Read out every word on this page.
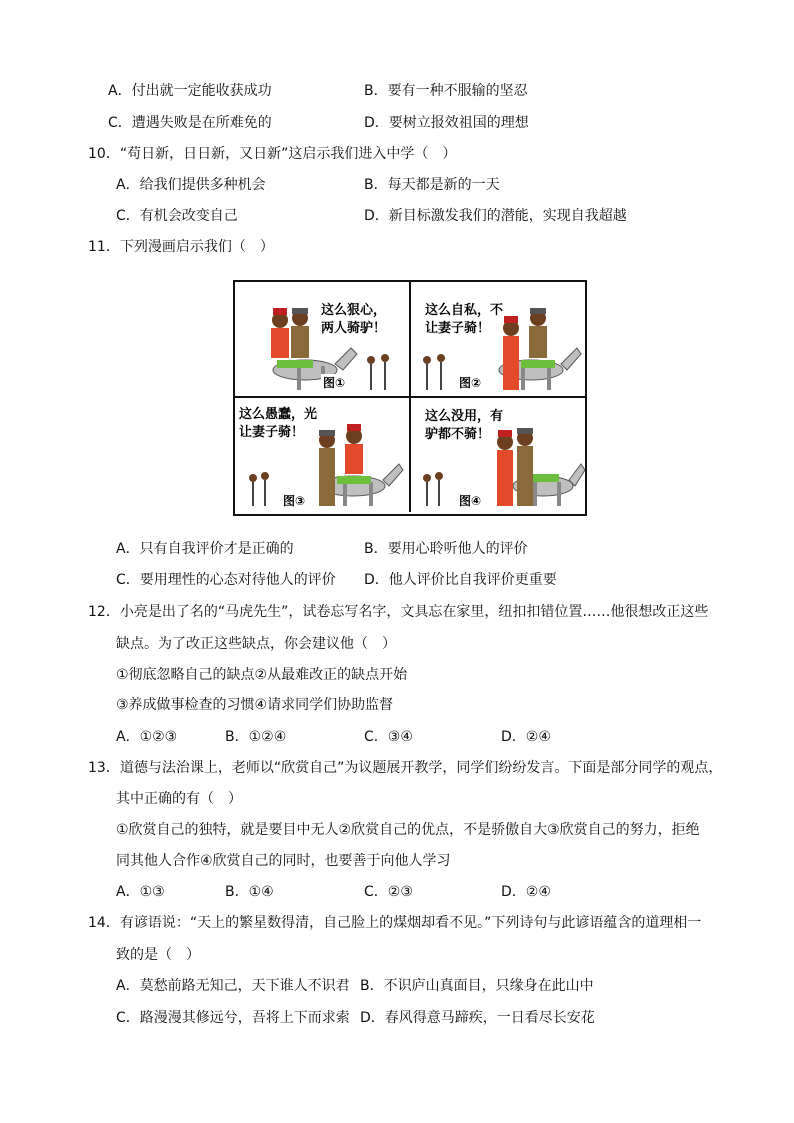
A．付出就一定能收获成功	B．要有一种不服输的坚忍
C．遭遇失败是在所难免的	D．要树立报效祖国的理想
10．“苟日新，日日新，又日新”这启示我们进入中学（　）
A．给我们提供多种机会	B．每天都是新的一天
C．有机会改变自己	D．新目标激发我们的潜能，实现自我超越
11．下列漫画启示我们（　）
这么狠心，
两人骑驴！
图①
这么自私，不
让妻子骑！
图②
这么愚蠢，光
让妻子骑！
图③
这么没用，有
驴都不骑！
图④
A．只有自我评价才是正确的	B．要用心聆听他人的评价
C．要用理性的心态对待他人的评价 D．他人评价比自我评价更重要
12．小亮是出了名的“马虎先生”，试卷忘写名字，文具忘在家里，纽扣扣错位置……他很想改正这些
缺点。为了改正这些缺点，你会建议他（　）
①彻底忽略自己的缺点②从最难改正的缺点开始
③养成做事检查的习惯④请求同学们协助监督
A．①②③	B．①②④	C．③④	D．②④
13．道德与法治课上，老师以“欣赏自己”为议题展开教学，同学们纷纷发言。下面是部分同学的观点，
其中正确的有（　）
①欣赏自己的独特，就是要目中无人②欣赏自己的优点，不是骄傲自大③欣赏自己的努力，拒绝
同其他人合作④欣赏自己的同时，也要善于向他人学习
A．①③	B．①④	C．②③	D．②④
14．有谚语说：“天上的繁星数得清，自己脸上的煤烟却看不见。”下列诗句与此谚语蕴含的道理相一
致的是（　）
A．莫愁前路无知己，天下谁人不识君 B．不识庐山真面目，只缘身在此山中
C．路漫漫其修远兮，吾将上下而求索 D．春风得意马蹄疾，一日看尽长安花
